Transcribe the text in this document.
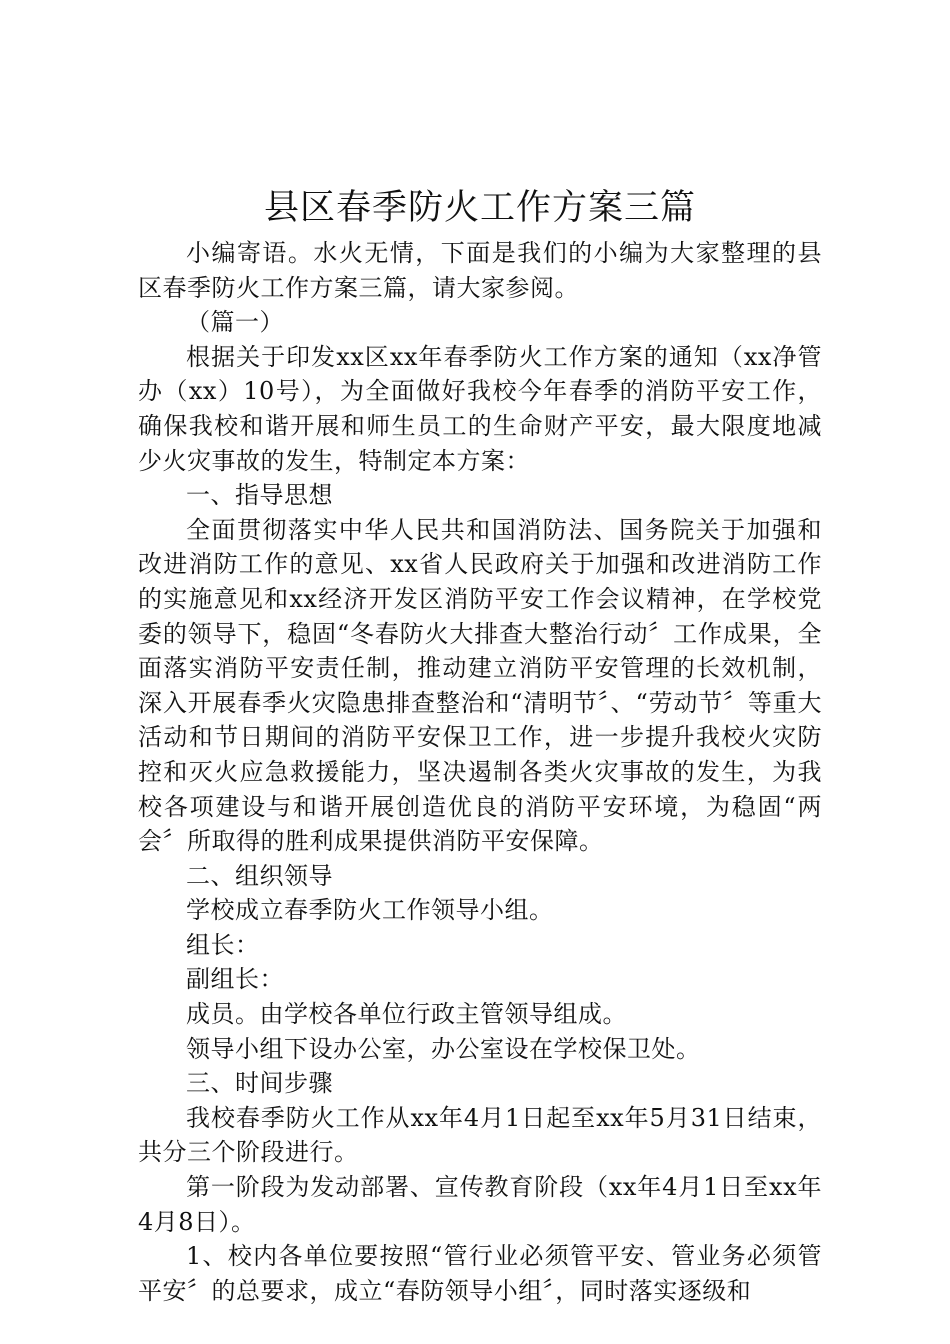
县区春季防火工作方案三篇

小编寄语。水火无情，下面是我们的小编为大家整理的县区春季防火工作方案三篇，请大家参阅。

（篇一）

根据关于印发xx区xx年春季防火工作方案的通知（xx净管办（xx）10号），为全面做好我校今年春季的消防平安工作，确保我校和谐开展和师生员工的生命财产平安，最大限度地减少火灾事故的发生，特制定本方案：

一、指导思想

全面贯彻落实中华人民共和国消防法、国务院关于加强和改进消防工作的意见、xx省人民政府关于加强和改进消防工作的实施意见和xx经济开发区消防平安工作会议精神，在学校党委的领导下，稳固“冬春防火大排查大整治行动〞工作成果，全面落实消防平安责任制，推动建立消防平安管理的长效机制，深入开展春季火灾隐患排查整治和“清明节〞、“劳动节〞等重大活动和节日期间的消防平安保卫工作，进一步提升我校火灾防控和灭火应急救援能力，坚决遏制各类火灾事故的发生，为我校各项建设与和谐开展创造优良的消防平安环境，为稳固“两会〞所取得的胜利成果提供消防平安保障。

二、组织领导

学校成立春季防火工作领导小组。

组长：

副组长：

成员。由学校各单位行政主管领导组成。

领导小组下设办公室，办公室设在学校保卫处。

三、时间步骤

我校春季防火工作从xx年4月1日起至xx年5月31日结束，共分三个阶段进行。

第一阶段为发动部署、宣传教育阶段（xx年4月1日至xx年4月8日）。

1、校内各单位要按照“管行业必须管平安、管业务必须管平安〞的总要求，成立“春防领导小组〞，同时落实逐级和
